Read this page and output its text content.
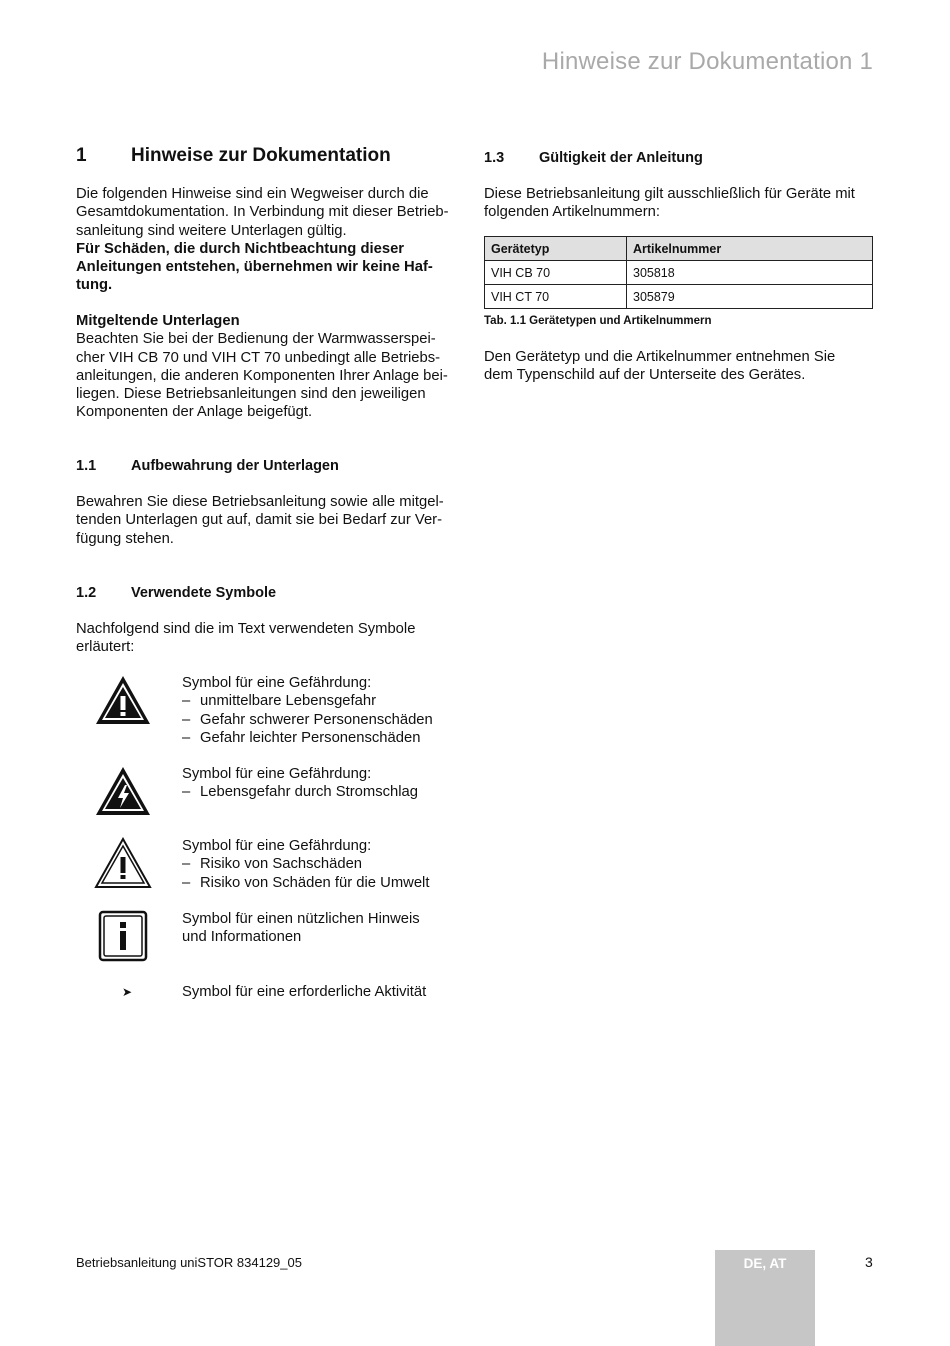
Hinweise zur Dokumentation 1
1 Hinweise zur Dokumentation
Die folgenden Hinweise sind ein Wegweiser durch die
Gesamtdokumentation. In Verbindung mit dieser Betrieb-
sanleitung sind weitere Unterlagen gültig.
Für Schäden, die durch Nichtbeachtung dieser
Anleitungen entstehen, übernehmen wir keine Haf-
tung.
Mitgeltende Unterlagen
Beachten Sie bei der Bedienung der Warmwasserspei-
cher VIH CB 70 und VIH CT 70 unbedingt alle Betriebs-
anleitungen, die anderen Komponenten Ihrer Anlage bei-
liegen. Diese Betriebsanleitungen sind den jeweiligen
Komponenten der Anlage beigefügt.
1.1 Aufbewahrung der Unterlagen
Bewahren Sie diese Betriebsanleitung sowie alle mitgel-
tenden Unterlagen gut auf, damit sie bei Bedarf zur Ver-
fügung stehen.
1.2 Verwendete Symbole
Nachfolgend sind die im Text verwendeten Symbole
erläutert:
Symbol für eine Gefährdung:
– unmittelbare Lebensgefahr
– Gefahr schwerer Personenschäden
– Gefahr leichter Personenschäden
Symbol für eine Gefährdung:
– Lebensgefahr durch Stromschlag
Symbol für eine Gefährdung:
– Risiko von Sachschäden
– Risiko von Schäden für die Umwelt
Symbol für einen nützlichen Hinweis
und Informationen
➤	Symbol für eine erforderliche Aktivität
1.3 Gültigkeit der Anleitung
Diese Betriebsanleitung gilt ausschließlich für Geräte mit
folgenden Artikelnummern:
Gerätetyp	Artikelnummer
VIH CB 70	305818
VIH CT 70	305879
Tab. 1.1 Gerätetypen und Artikelnummern
Den Gerätetyp und die Artikelnummer entnehmen Sie
dem Typenschild auf der Unterseite des Gerätes.
Betriebsanleitung uniSTOR 834129_05	DE, AT	3
